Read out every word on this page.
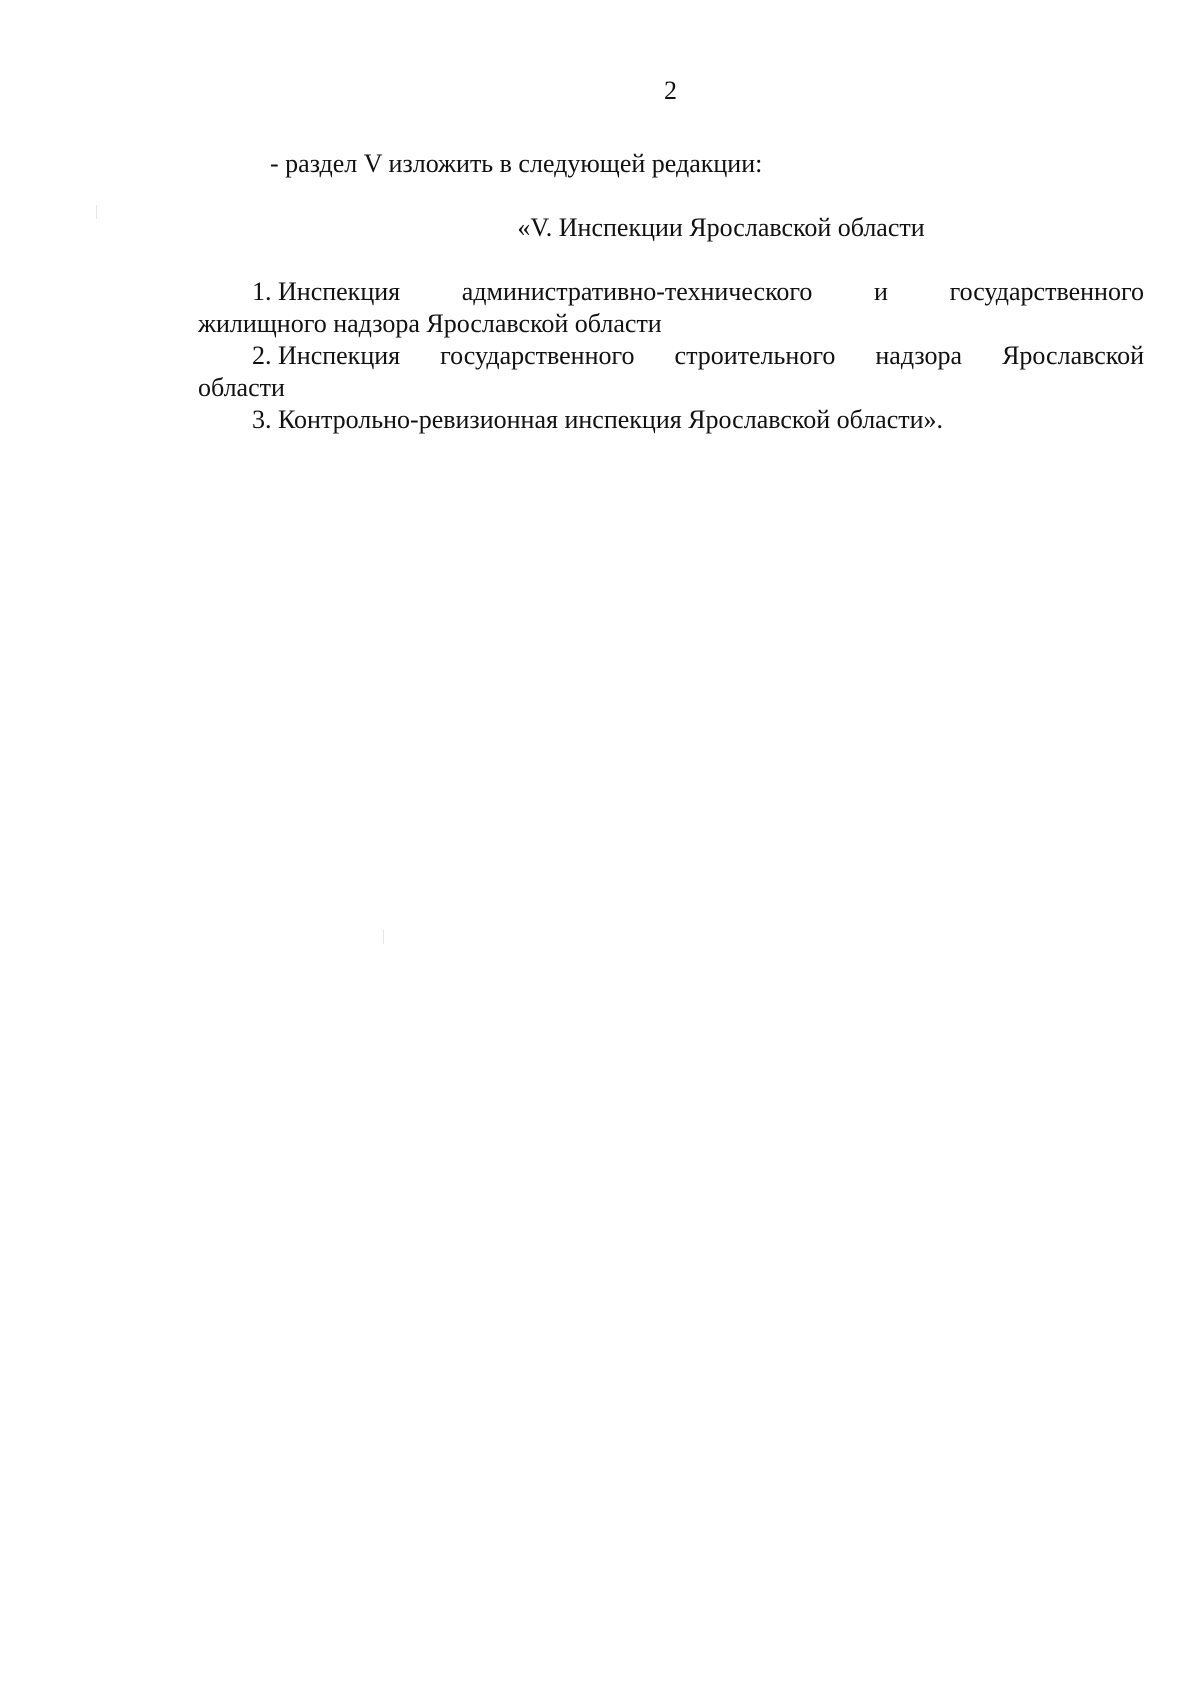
2
- раздел V изложить в следующей редакции:
«V. Инспекции Ярославской области
1. Инспекция административно-технического и государственного
жилищного надзора Ярославской области
2. Инспекция государственного строительного надзора Ярославской
области
3. Контрольно-ревизионная инспекция Ярославской области».
